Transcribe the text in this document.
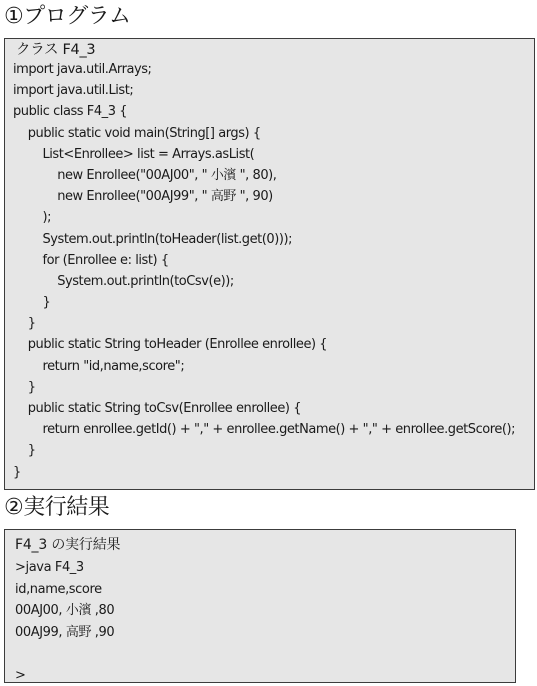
①プログラム
クラス F4_3
import java.util.Arrays;
import java.util.List;
public class F4_3 {
public static void main(String[] args) {
List<Enrollee> list = Arrays.asList(
new Enrollee("00AJ00", " 小濱 ", 80),
new Enrollee("00AJ99", " 高野 ", 90)
);
System.out.println(toHeader(list.get(0)));
for (Enrollee e: list) {
System.out.println(toCsv(e));
}
}
public static String toHeader (Enrollee enrollee) {
return "id,name,score";
}
public static String toCsv(Enrollee enrollee) {
return enrollee.getId() + "," + enrollee.getName() + "," + enrollee.getScore();
}
}
②実行結果
F4_3 の実行結果
>java F4_3
id,name,score
00AJ00, 小濱 ,80
00AJ99, 高野 ,90
>
